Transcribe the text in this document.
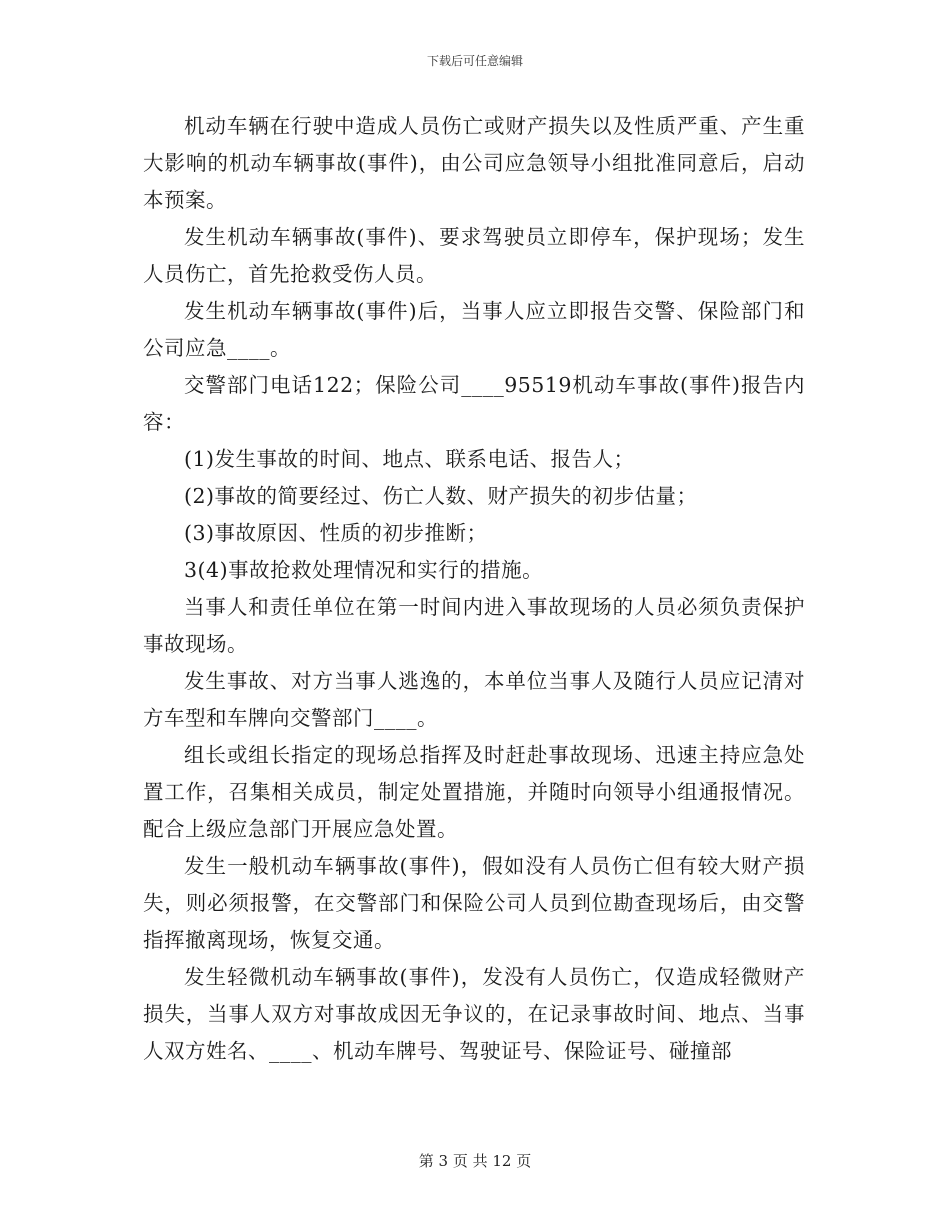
下载后可任意编辑

机动车辆在行驶中造成人员伤亡或财产损失以及性质严重、产生重大影响的机动车辆事故(事件)，由公司应急领导小组批准同意后，启动本预案。

发生机动车辆事故(事件)、要求驾驶员立即停车，保护现场；发生人员伤亡，首先抢救受伤人员。

发生机动车辆事故(事件)后，当事人应立即报告交警、保险部门和公司应急____。

交警部门电话122；保险公司____95519机动车事故(事件)报告内容：

(1)发生事故的时间、地点、联系电话、报告人；

(2)事故的简要经过、伤亡人数、财产损失的初步估量；

(3)事故原因、性质的初步推断；

3(4)事故抢救处理情况和实行的措施。

当事人和责任单位在第一时间内进入事故现场的人员必须负责保护事故现场。

发生事故、对方当事人逃逸的，本单位当事人及随行人员应记清对方车型和车牌向交警部门____。

组长或组长指定的现场总指挥及时赶赴事故现场、迅速主持应急处置工作，召集相关成员，制定处置措施，并随时向领导小组通报情况。配合上级应急部门开展应急处置。

发生一般机动车辆事故(事件)，假如没有人员伤亡但有较大财产损失，则必须报警，在交警部门和保险公司人员到位勘查现场后，由交警指挥撤离现场，恢复交通。

发生轻微机动车辆事故(事件)，发没有人员伤亡，仅造成轻微财产损失，当事人双方对事故成因无争议的，在记录事故时间、地点、当事人双方姓名、____、机动车牌号、驾驶证号、保险证号、碰撞部

第 3 页 共 12 页
